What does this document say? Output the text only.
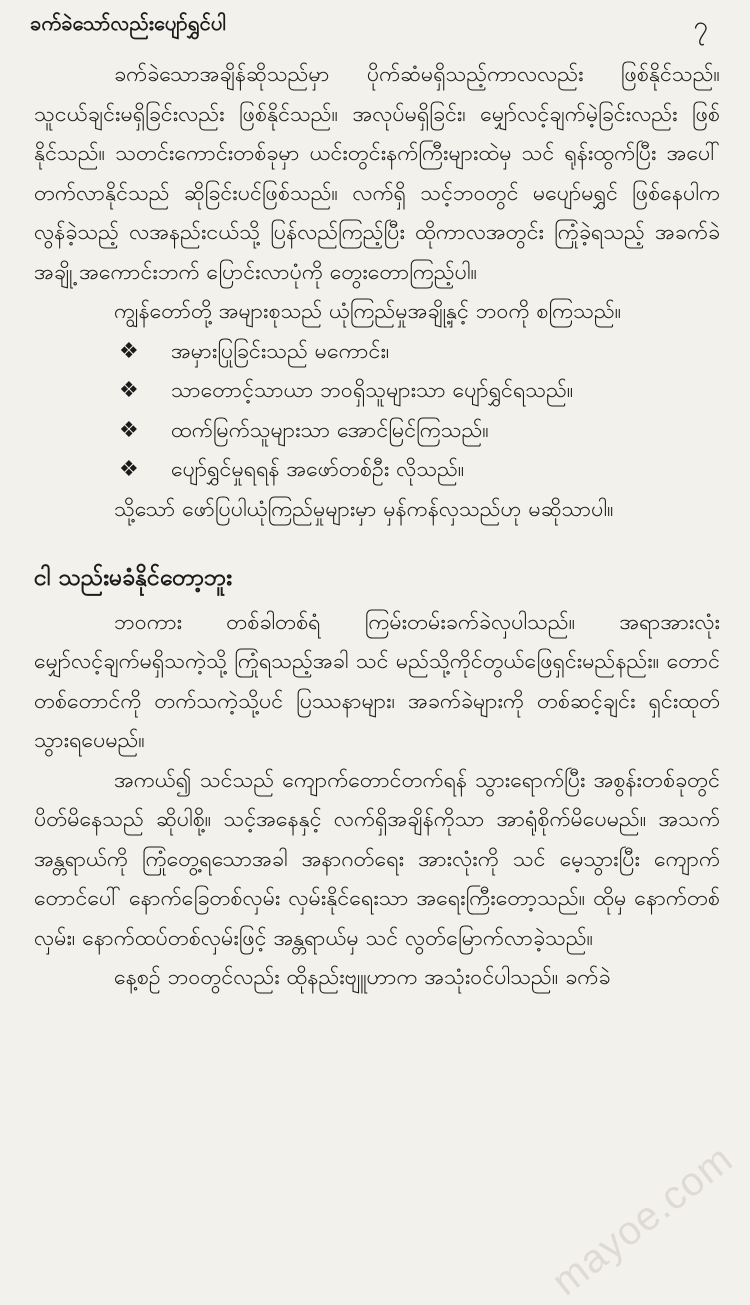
ခက်ခဲသော်လည်းပျော်ရွှင်ပါ	၇

ခက်ခဲသောအချိန်ဆိုသည်မှာ ပိုက်ဆံမရှိသည့်ကာလလည်း ဖြစ်နိုင်သည်။ သူငယ်ချင်းမရှိခြင်းလည်း ဖြစ်နိုင်သည်။ အလုပ်မရှိခြင်း၊ မျှော်လင့်ချက်မဲ့ခြင်းလည်း ဖြစ်နိုင်သည်။ သတင်းကောင်းတစ်ခုမှာ ယင်းတွင်းနက်ကြီးများထဲမှ သင် ရုန်းထွက်ပြီး အပေါ်တက်လာနိုင်သည် ဆိုခြင်းပင်ဖြစ်သည်။ လက်ရှိ သင့်ဘဝတွင် မပျော်မရွှင် ဖြစ်နေပါက လွန်ခဲ့သည့် လအနည်းငယ်သို့ ပြန်လည်ကြည့်ပြီး ထိုကာလအတွင်း ကြုံခဲ့ရသည့် အခက်ခဲအချို့ အကောင်းဘက် ပြောင်းလာပုံကို တွေးတောကြည့်ပါ။

ကျွန်တော်တို့ အများစုသည် ယုံကြည်မှုအချို့နှင့် ဘဝကို စကြသည်။

❖	အမှားပြုခြင်းသည် မကောင်း၊
❖	သာတောင့်သာယာ ဘဝရှိသူများသာ ပျော်ရွှင်ရသည်။
❖	ထက်မြက်သူများသာ အောင်မြင်ကြသည်။
❖	ပျော်ရွှင်မှုရရန် အဖော်တစ်ဦး လိုသည်။

သို့သော် ဖော်ပြပါယုံကြည်မှုများမှာ မှန်ကန်လှသည်ဟု မဆိုသာပါ။

ငါ သည်းမခံနိုင်တော့ဘူး

ဘဝကား တစ်ခါတစ်ရံ ကြမ်းတမ်းခက်ခဲလှပါသည်။ အရာအားလုံး မျှော်လင့်ချက်မရှိသကဲ့သို့ ကြုံရသည့်အခါ သင် မည်သို့ကိုင်တွယ်ဖြေရှင်းမည်နည်း။ တောင်တစ်တောင်ကို တက်သကဲ့သို့ပင် ပြဿနာများ၊ အခက်ခဲများကို တစ်ဆင့်ချင်း ရှင်းထုတ်သွားရပေမည်။

အကယ်၍ သင်သည် ကျောက်တောင်တက်ရန် သွားရောက်ပြီး အစွန်းတစ်ခုတွင် ပိတ်မိနေသည် ဆိုပါစို့။ သင့်အနေနှင့် လက်ရှိအချိန်ကိုသာ အာရုံစိုက်မိပေမည်။ အသက်အန္တရာယ်ကို ကြုံတွေ့ရသောအခါ အနာဂတ်ရေး အားလုံးကို သင် မေ့သွားပြီး ကျောက်တောင်ပေါ် နောက်ခြေတစ်လှမ်း လှမ်းနိုင်ရေးသာ အရေးကြီးတော့သည်။ ထိုမှ နောက်တစ်လှမ်း၊ နောက်ထပ်တစ်လှမ်းဖြင့် အန္တရာယ်မှ သင် လွတ်မြောက်လာခဲ့သည်။

နေ့စဉ် ဘဝတွင်လည်း ထိုနည်းဗျူဟာက အသုံးဝင်ပါသည်။ ခက်ခဲ

mayoe.com
